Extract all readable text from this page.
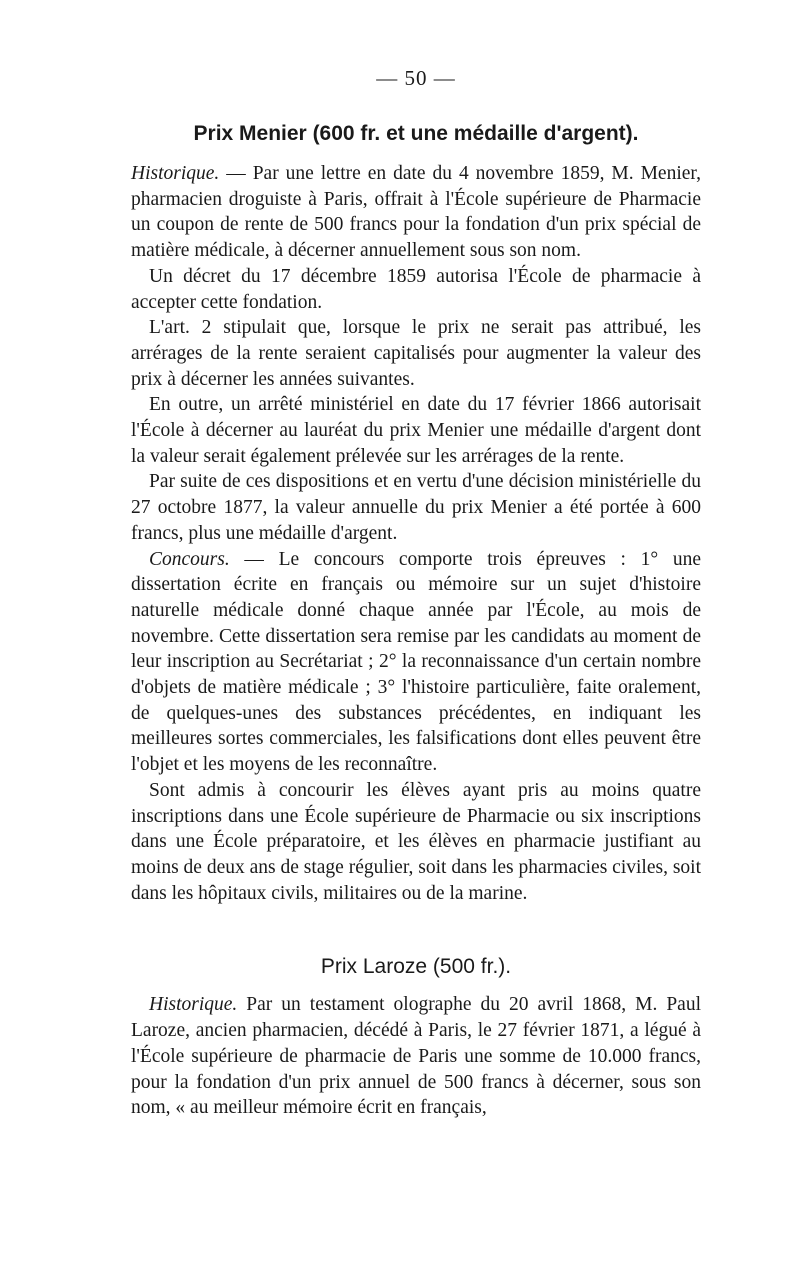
— 50 —
Prix Menier (600 fr. et une médaille d'argent).

Historique. — Par une lettre en date du 4 novembre 1859, M. Menier, pharmacien droguiste à Paris, offrait à l'École supérieure de Pharmacie un coupon de rente de 500 francs pour la fondation d'un prix spécial de matière médicale, à décerner annuellement sous son nom.

Un décret du 17 décembre 1859 autorisa l'École de pharmacie à accepter cette fondation.

L'art. 2 stipulait que, lorsque le prix ne serait pas attribué, les arrérages de la rente seraient capitalisés pour augmenter la valeur des prix à décerner les années suivantes.

En outre, un arrêté ministériel en date du 17 février 1866 autorisait l'École à décerner au lauréat du prix Menier une médaille d'argent dont la valeur serait également prélevée sur les arrérages de la rente.

Par suite de ces dispositions et en vertu d'une décision ministérielle du 27 octobre 1877, la valeur annuelle du prix Menier a été portée à 600 francs, plus une médaille d'argent.

Concours. — Le concours comporte trois épreuves : 1° une dissertation écrite en français ou mémoire sur un sujet d'histoire naturelle médicale donné chaque année par l'École, au mois de novembre. Cette dissertation sera remise par les candidats au moment de leur inscription au Secrétariat ; 2° la reconnaissance d'un certain nombre d'objets de matière médicale ; 3° l'histoire particulière, faite oralement, de quelques-unes des substances précédentes, en indiquant les meilleures sortes commerciales, les falsifications dont elles peuvent être l'objet et les moyens de les reconnaître.

Sont admis à concourir les élèves ayant pris au moins quatre inscriptions dans une École supérieure de Pharmacie ou six inscriptions dans une École préparatoire, et les élèves en pharmacie justifiant au moins de deux ans de stage régulier, soit dans les pharmacies civiles, soit dans les hôpitaux civils, militaires ou de la marine.

Prix Laroze (500 fr.).

Historique. Par un testament olographe du 20 avril 1868, M. Paul Laroze, ancien pharmacien, décédé à Paris, le 27 février 1871, a légué à l'École supérieure de pharmacie de Paris une somme de 10.000 francs, pour la fondation d'un prix annuel de 500 francs à décerner, sous son nom, « au meilleur mémoire écrit en français,
